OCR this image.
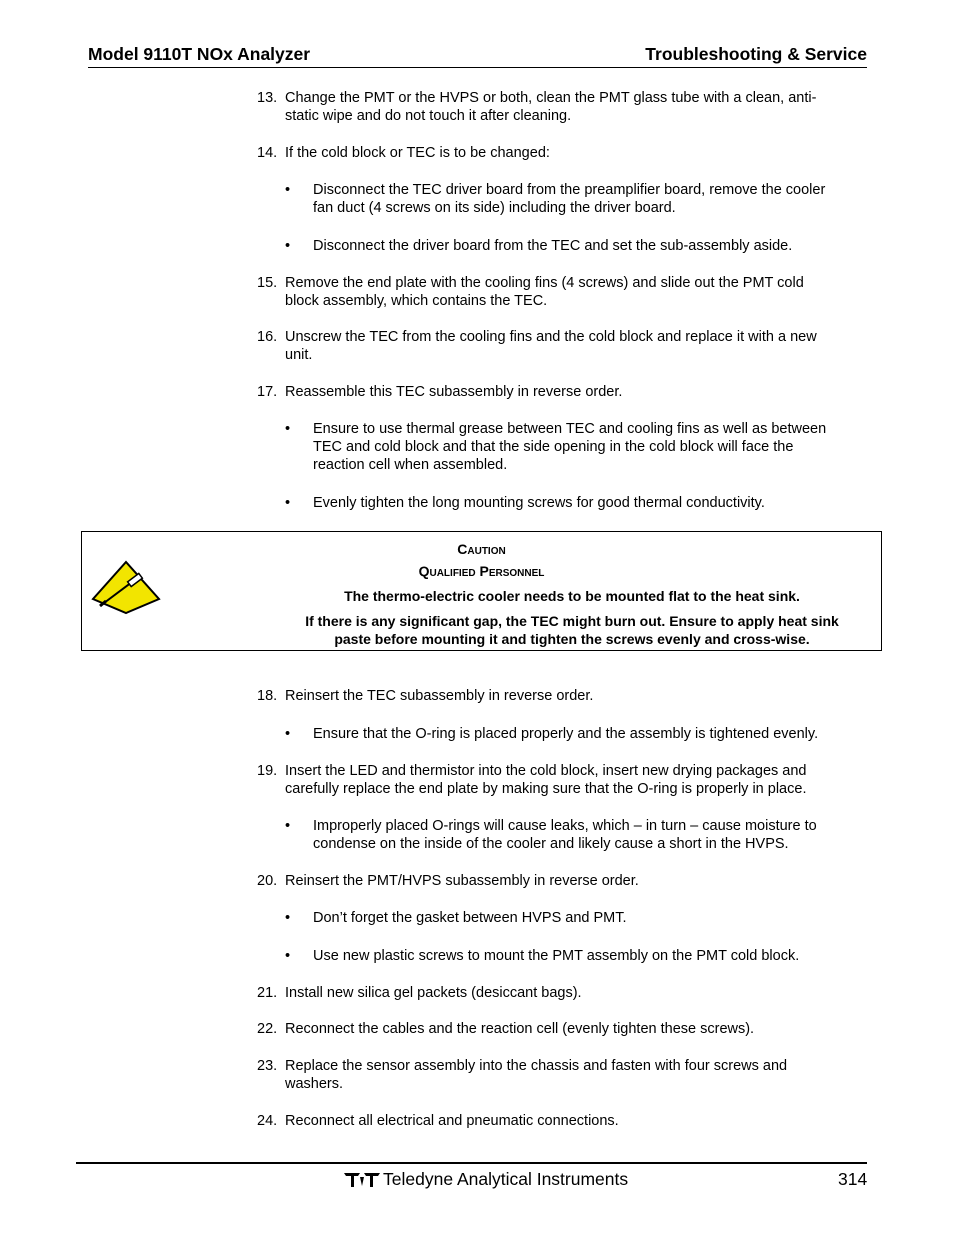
Model 9110T NOx Analyzer	Troubleshooting & Service
13. Change the PMT or the HVPS or both, clean the PMT glass tube with a clean, anti-
static wipe and do not touch it after cleaning.
14. If the cold block or TEC is to be changed:
• Disconnect the TEC driver board from the preamplifier board, remove the cooler
fan duct (4 screws on its side) including the driver board.
• Disconnect the driver board from the TEC and set the sub-assembly aside.
15. Remove the end plate with the cooling fins (4 screws) and slide out the PMT cold
block assembly, which contains the TEC.
16. Unscrew the TEC from the cooling fins and the cold block and replace it with a new
unit.
17. Reassemble this TEC subassembly in reverse order.
• Ensure to use thermal grease between TEC and cooling fins as well as between
TEC and cold block and that the side opening in the cold block will face the
reaction cell when assembled.
• Evenly tighten the long mounting screws for good thermal conductivity.
Caution
Qualified Personnel
The thermo-electric cooler needs to be mounted flat to the heat sink.
If there is any significant gap, the TEC might burn out. Ensure to apply heat sink
paste before mounting it and tighten the screws evenly and cross-wise.
18. Reinsert the TEC subassembly in reverse order.
• Ensure that the O-ring is placed properly and the assembly is tightened evenly.
19. Insert the LED and thermistor into the cold block, insert new drying packages and
carefully replace the end plate by making sure that the O-ring is properly in place.
• Improperly placed O-rings will cause leaks, which – in turn – cause moisture to
condense on the inside of the cooler and likely cause a short in the HVPS.
20. Reinsert the PMT/HVPS subassembly in reverse order.
• Don’t forget the gasket between HVPS and PMT.
• Use new plastic screws to mount the PMT assembly on the PMT cold block.
21. Install new silica gel packets (desiccant bags).
22. Reconnect the cables and the reaction cell (evenly tighten these screws).
23. Replace the sensor assembly into the chassis and fasten with four screws and
washers.
24. Reconnect all electrical and pneumatic connections.
Teledyne Analytical Instruments	314
